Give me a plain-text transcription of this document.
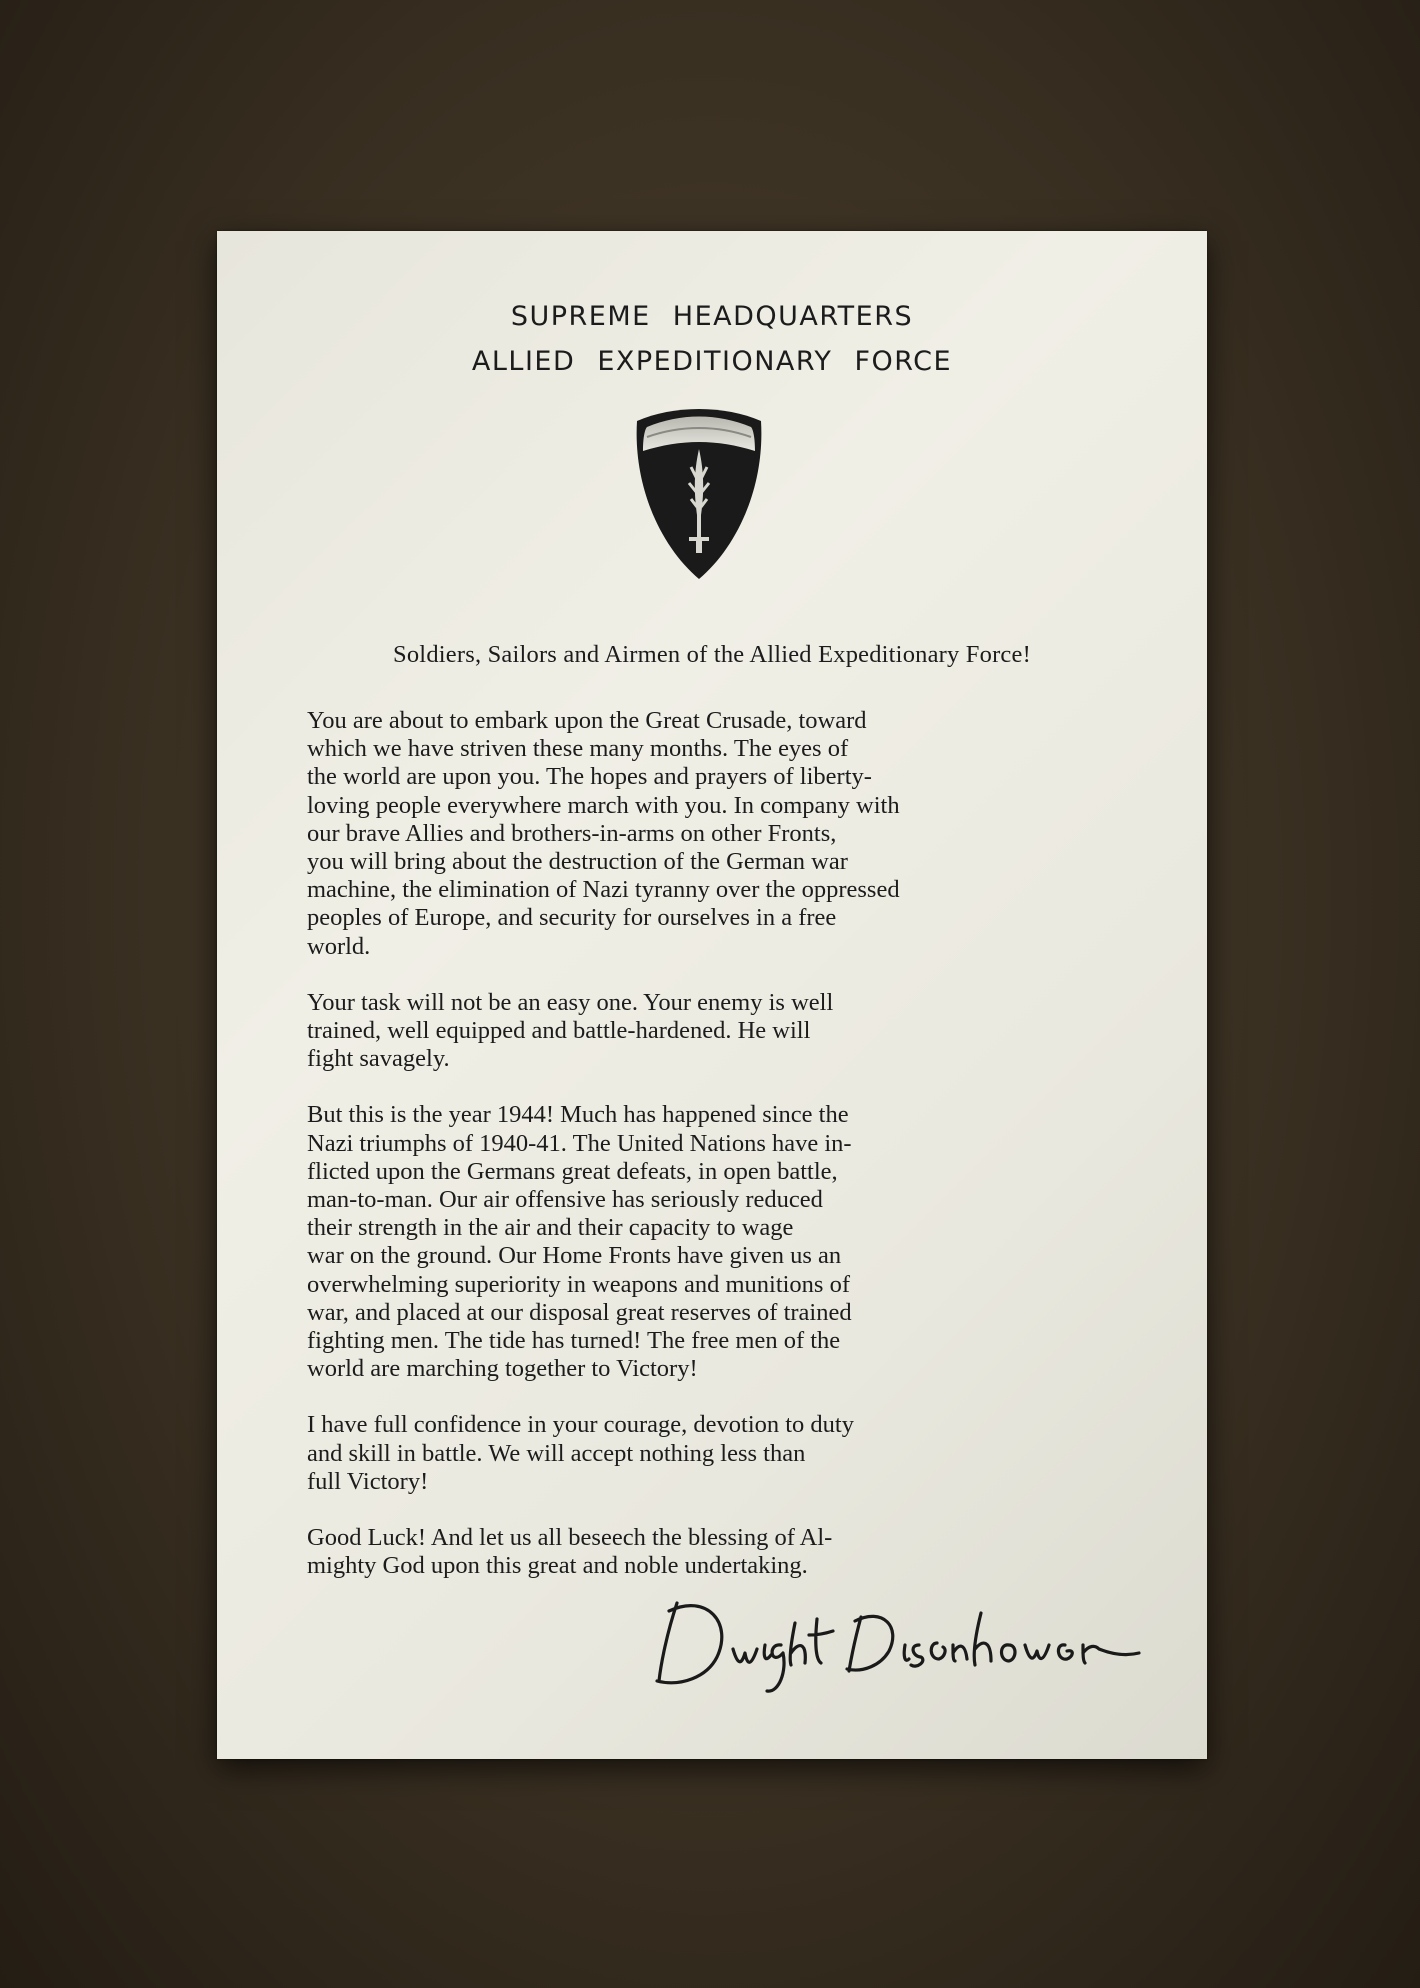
SUPREME HEADQUARTERS
ALLIED EXPEDITIONARY FORCE
Soldiers, Sailors and Airmen of the Allied Expeditionary Force!

You are about to embark upon the Great Crusade, toward
which we have striven these many months. The eyes of
the world are upon you. The hopes and prayers of liberty-
loving people everywhere march with you. In company with
our brave Allies and brothers-in-arms on other Fronts,
you will bring about the destruction of the German war
machine, the elimination of Nazi tyranny over the oppressed
peoples of Europe, and security for ourselves in a free
world.

Your task will not be an easy one. Your enemy is well
trained, well equipped and battle-hardened. He will
fight savagely.

But this is the year 1944! Much has happened since the
Nazi triumphs of 1940-41. The United Nations have in-
flicted upon the Germans great defeats, in open battle,
man-to-man. Our air offensive has seriously reduced
their strength in the air and their capacity to wage
war on the ground. Our Home Fronts have given us an
overwhelming superiority in weapons and munitions of
war, and placed at our disposal great reserves of trained
fighting men. The tide has turned! The free men of the
world are marching together to Victory!

I have full confidence in your courage, devotion to duty
and skill in battle. We will accept nothing less than
full Victory!

Good Luck! And let us all beseech the blessing of Al-
mighty God upon this great and noble undertaking.
